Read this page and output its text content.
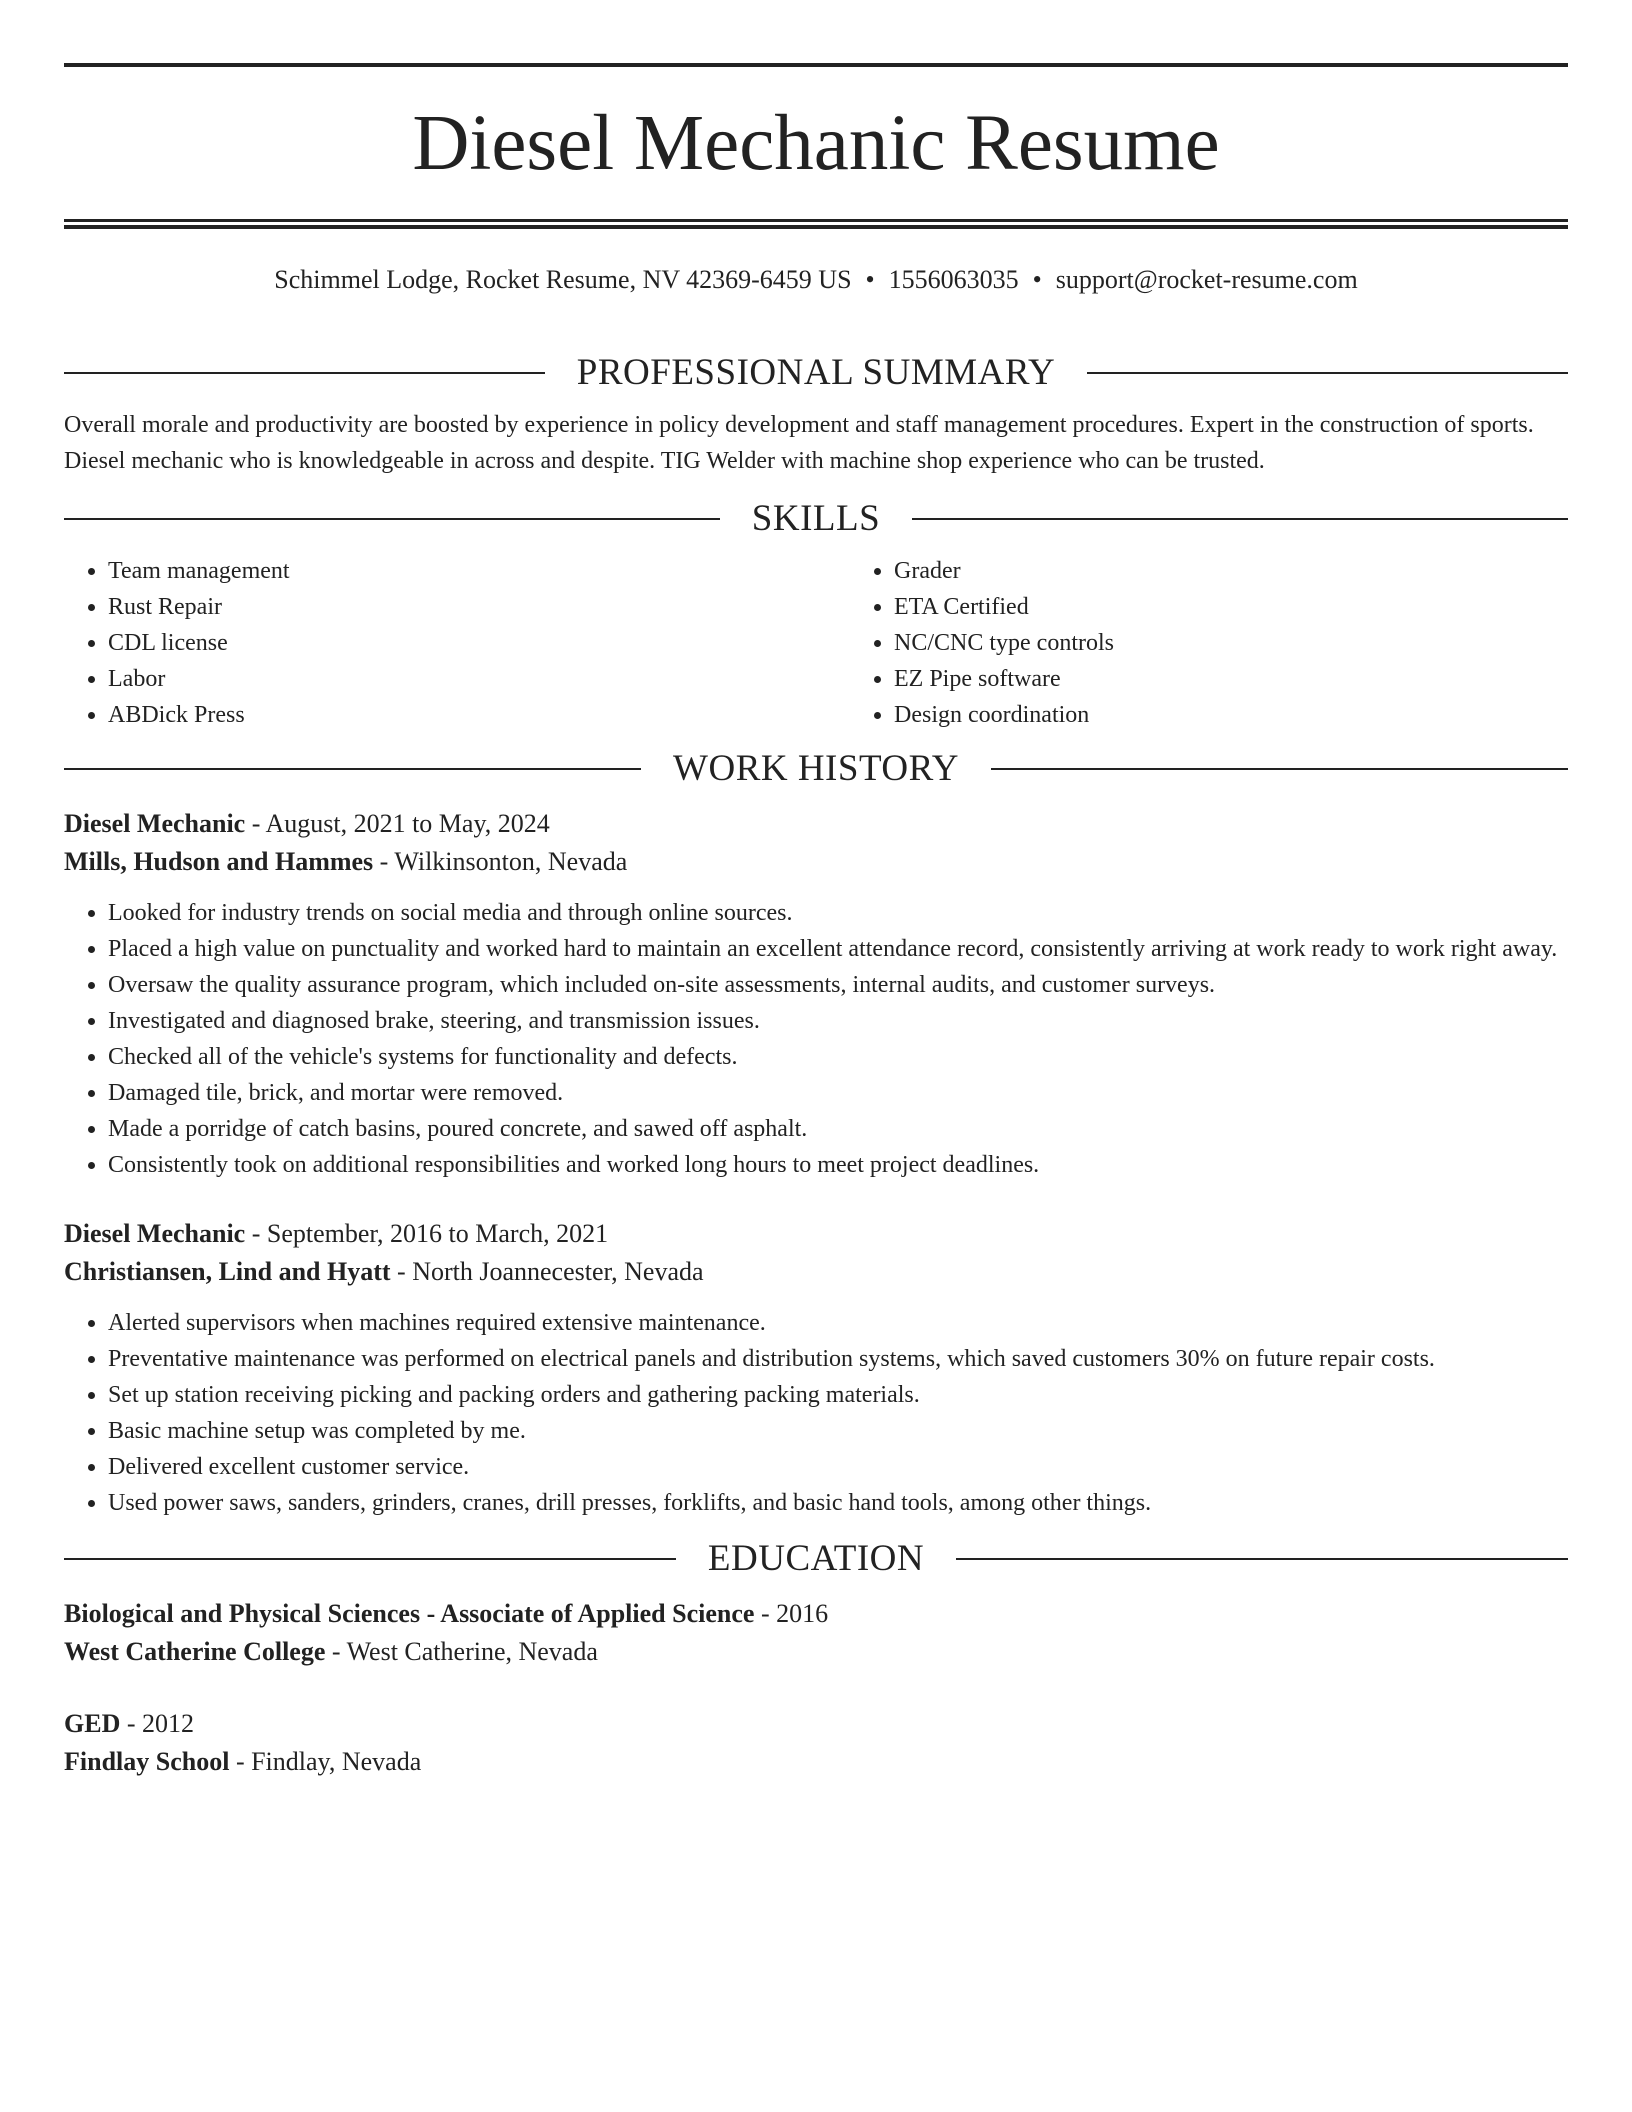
Diesel Mechanic Resume
Schimmel Lodge, Rocket Resume, NV 42369-6459 US • 1556063035 • support@rocket-resume.com
PROFESSIONAL SUMMARY

Overall morale and productivity are boosted by experience in policy development and staff management procedures. Expert in the construction of sports. Diesel mechanic who is knowledgeable in across and despite. TIG Welder with machine shop experience who can be trusted.

SKILLS
• Team management
• Rust Repair
• CDL license
• Labor
• ABDick Press
• Grader
• ETA Certified
• NC/CNC type controls
• EZ Pipe software
• Design coordination
WORK HISTORY
Diesel Mechanic - August, 2021 to May, 2024
Mills, Hudson and Hammes - Wilkinsonton, Nevada
• Looked for industry trends on social media and through online sources.
• Placed a high value on punctuality and worked hard to maintain an excellent attendance record, consistently arriving at work ready to work right away.
• Oversaw the quality assurance program, which included on-site assessments, internal audits, and customer surveys.
• Investigated and diagnosed brake, steering, and transmission issues.
• Checked all of the vehicle's systems for functionality and defects.
• Damaged tile, brick, and mortar were removed.
• Made a porridge of catch basins, poured concrete, and sawed off asphalt.
• Consistently took on additional responsibilities and worked long hours to meet project deadlines.
Diesel Mechanic - September, 2016 to March, 2021
Christiansen, Lind and Hyatt - North Joannecester, Nevada
• Alerted supervisors when machines required extensive maintenance.
• Preventative maintenance was performed on electrical panels and distribution systems, which saved customers 30% on future repair costs.
• Set up station receiving picking and packing orders and gathering packing materials.
• Basic machine setup was completed by me.
• Delivered excellent customer service.
• Used power saws, sanders, grinders, cranes, drill presses, forklifts, and basic hand tools, among other things.
EDUCATION
Biological and Physical Sciences - Associate of Applied Science - 2016
West Catherine College - West Catherine, Nevada
GED - 2012
Findlay School - Findlay, Nevada
